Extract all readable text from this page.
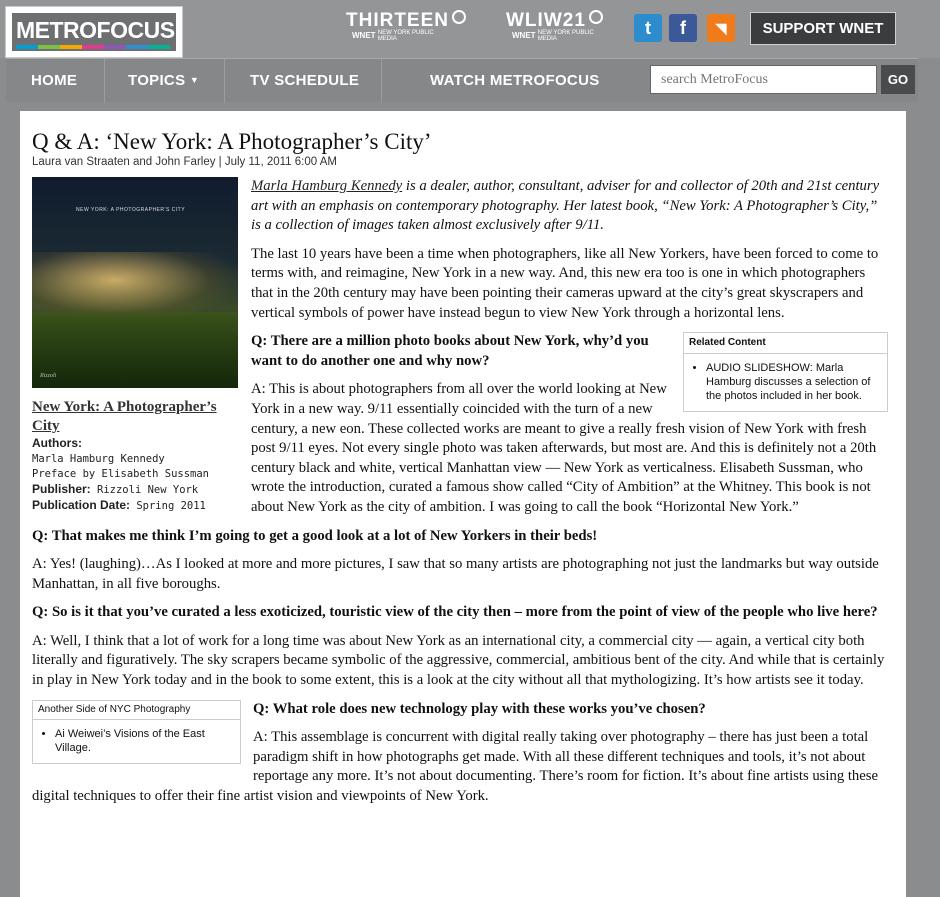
METROFOCUS	THIRTEEN
WNET NEW YORK PUBLIC MEDIA
WLIW21
WNET NEW YORK PUBLIC MEDIA
t	f	◥	SUPPORT WNET
HOME	TOPICS ▼	TV SCHEDULE	WATCH METROFOCUS
search MetroFocus	GO
Q & A: ‘New York: A Photographer’s City’
Laura van Straaten and John Farley | July 11, 2011 6:00 AM
NEW YORK: A PHOTOGRAPHER'S CITY
Rizzoli
New York: A Photographer’s City
Authors:
Marla Hamburg Kennedy
Preface by Elisabeth Sussman
Publisher: Rizzoli New York
Publication Date: Spring 2011

Marla Hamburg Kennedy is a dealer, author, consultant, adviser for and collector of 20th and 21st century art with an emphasis on contemporary photography. Her latest book, “New York: A Photographer’s City,” is a collection of images taken almost exclusively after 9/11.

The last 10 years have been a time when photographers, like all New Yorkers, have been forced to come to terms with, and reimagine, New York in a new way. And, this new era too is one in which photographers that in the 20th century may have been pointing their cameras upward at the city’s great skyscrapers and vertical symbols of power have instead begun to view New York through a horizontal lens.

Related Content
• AUDIO SLIDESHOW: Marla Hamburg discusses a selection of the photos included in her book.

Q: There are a million photo books about New York, why’d you want to do another one and why now?

A: This is about photographers from all over the world looking at New York in a new way. 9/11 essentially coincided with the turn of a new century, a new eon. These collected works are meant to give a really fresh vision of New York with fresh post 9/11 eyes. Not every single photo was taken afterwards, but most are. And this is definitely not a 20th century black and white, vertical Manhattan view — New York as verticalness. Elisabeth Sussman, who wrote the introduction, curated a famous show called “City of Ambition” at the Whitney. This book is not about New York as the city of ambition. I was going to call the book “Horizontal New York.”

Q: That makes me think I’m going to get a good look at a lot of New Yorkers in their beds!

A: Yes! (laughing)…As I looked at more and more pictures, I saw that so many artists are photographing not just the landmarks but way outside Manhattan, in all five boroughs.

Q: So is it that you’ve curated a less exoticized, touristic view of the city then – more from the point of view of the people who live here?

A: Well, I think that a lot of work for a long time was about New York as an international city, a commercial city — again, a vertical city both literally and figuratively. The sky scrapers became symbolic of the aggressive, commercial, ambitious bent of the city. And while that is certainly in play in New York today and in the book to some extent, this is a look at the city without all that mythologizing. It’s how artists see it today.

Another Side of NYC Photography
• Ai Weiwei’s Visions of the East Village.

Q: What role does new technology play with these works you’ve chosen?

A: This assemblage is concurrent with digital really taking over photography – there has just been a total paradigm shift in how photographs get made. With all these different techniques and tools, it’s not about reportage any more. It’s not about documenting. There’s room for fiction. It’s about fine artists using these digital techniques to offer their fine artist vision and viewpoints of New York.
